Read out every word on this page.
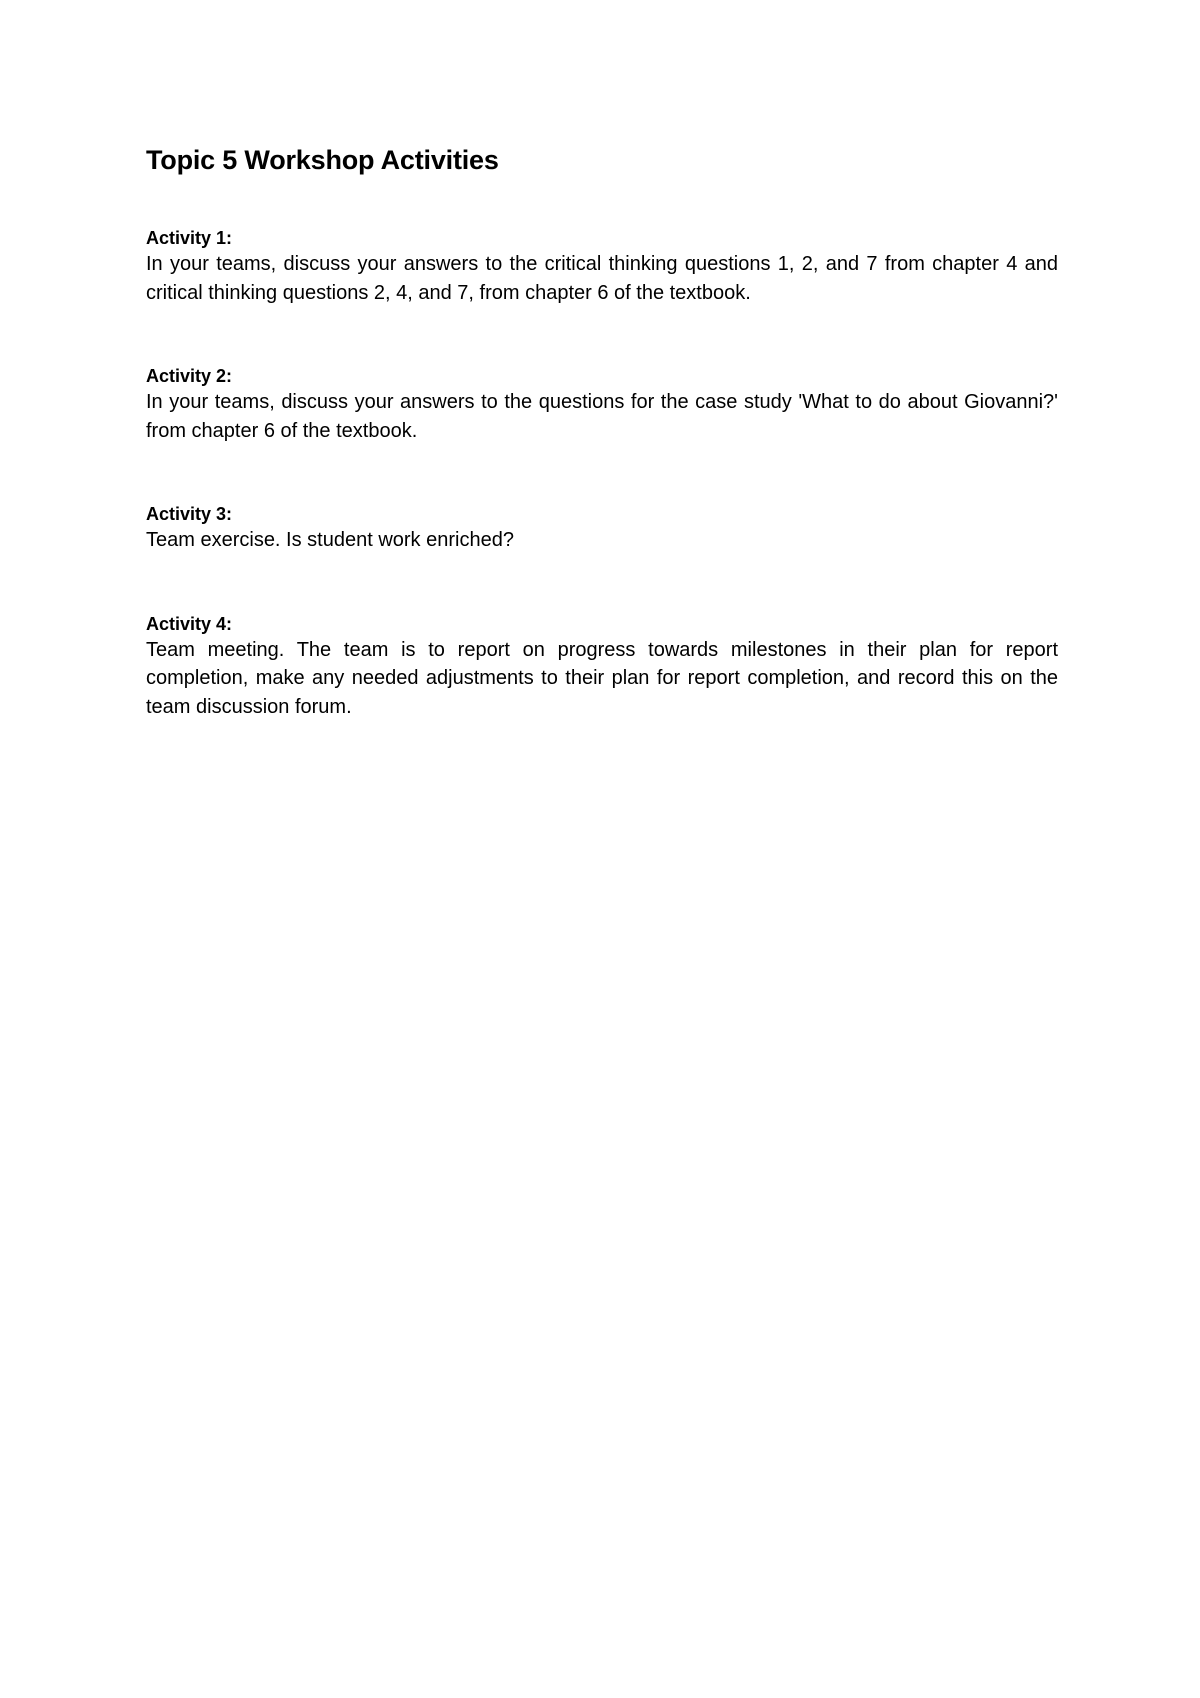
Topic 5 Workshop Activities

Activity 1:

In your teams, discuss your answers to the critical thinking questions 1, 2, and 7 from chapter 4 and critical thinking questions 2, 4, and 7, from chapter 6 of the textbook.

Activity 2:

In your teams, discuss your answers to the questions for the case study 'What to do about Giovanni?' from chapter 6 of the textbook.

Activity 3:

Team exercise. Is student work enriched?

Activity 4:

Team meeting. The team is to report on progress towards milestones in their plan for report completion, make any needed adjustments to their plan for report completion, and record this on the team discussion forum.
